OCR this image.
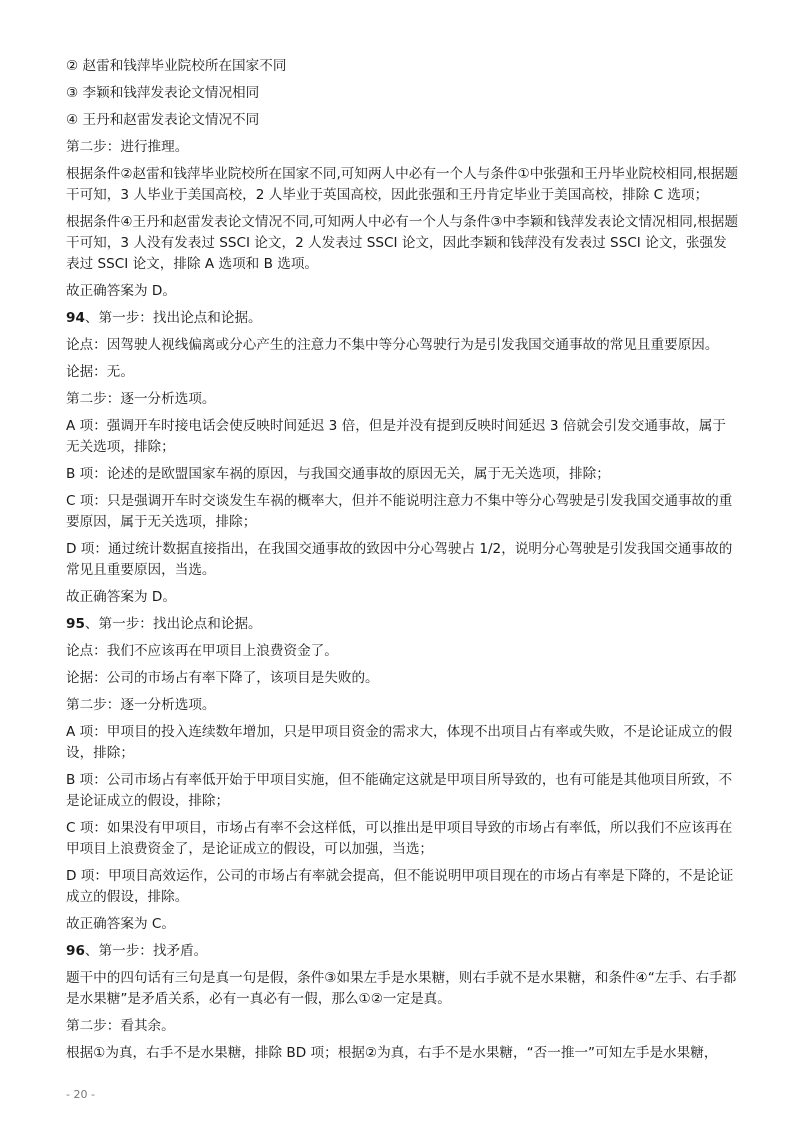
② 赵雷和钱萍毕业院校所在国家不同

③ 李颖和钱萍发表论文情况相同

④ 王丹和赵雷发表论文情况不同

第二步：进行推理。

根据条件②赵雷和钱萍毕业院校所在国家不同,可知两人中必有一个人与条件①中张强和王丹毕业院校相同,根据题干可知，3 人毕业于美国高校，2 人毕业于英国高校，因此张强和王丹肯定毕业于美国高校，排除 C 选项；

根据条件④王丹和赵雷发表论文情况不同,可知两人中必有一个人与条件③中李颖和钱萍发表论文情况相同,根据题干可知，3 人没有发表过 SSCI 论文，2 人发表过 SSCI 论文，因此李颖和钱萍没有发表过 SSCI 论文，张强发表过 SSCI 论文，排除 A 选项和 B 选项。

故正确答案为 D。

94、第一步：找出论点和论据。

论点：因驾驶人视线偏离或分心产生的注意力不集中等分心驾驶行为是引发我国交通事故的常见且重要原因。

论据：无。

第二步：逐一分析选项。

A 项：强调开车时接电话会使反映时间延迟 3 倍，但是并没有提到反映时间延迟 3 倍就会引发交通事故，属于无关选项，排除；

B 项：论述的是欧盟国家车祸的原因，与我国交通事故的原因无关，属于无关选项，排除；

C 项：只是强调开车时交谈发生车祸的概率大，但并不能说明注意力不集中等分心驾驶是引发我国交通事故的重要原因，属于无关选项，排除；

D 项：通过统计数据直接指出，在我国交通事故的致因中分心驾驶占 1/2，说明分心驾驶是引发我国交通事故的常见且重要原因，当选。

故正确答案为 D。

95、第一步：找出论点和论据。

论点：我们不应该再在甲项目上浪费资金了。

论据：公司的市场占有率下降了，该项目是失败的。

第二步：逐一分析选项。

A 项：甲项目的投入连续数年增加，只是甲项目资金的需求大，体现不出项目占有率或失败，不是论证成立的假设，排除；

B 项：公司市场占有率低开始于甲项目实施，但不能确定这就是甲项目所导致的，也有可能是其他项目所致，不是论证成立的假设，排除；

C 项：如果没有甲项目，市场占有率不会这样低，可以推出是甲项目导致的市场占有率低，所以我们不应该再在甲项目上浪费资金了，是论证成立的假设，可以加强，当选；

D 项：甲项目高效运作，公司的市场占有率就会提高，但不能说明甲项目现在的市场占有率是下降的，不是论证成立的假设，排除。

故正确答案为 C。

96、第一步：找矛盾。

题干中的四句话有三句是真一句是假，条件③如果左手是水果糖，则右手就不是水果糖，和条件④“左手、右手都是水果糖”是矛盾关系，必有一真必有一假，那么①②一定是真。

第二步：看其余。

根据①为真，右手不是水果糖，排除 BD 项；根据②为真，右手不是水果糖，“否一推一”可知左手是水果糖，

- 20 -
